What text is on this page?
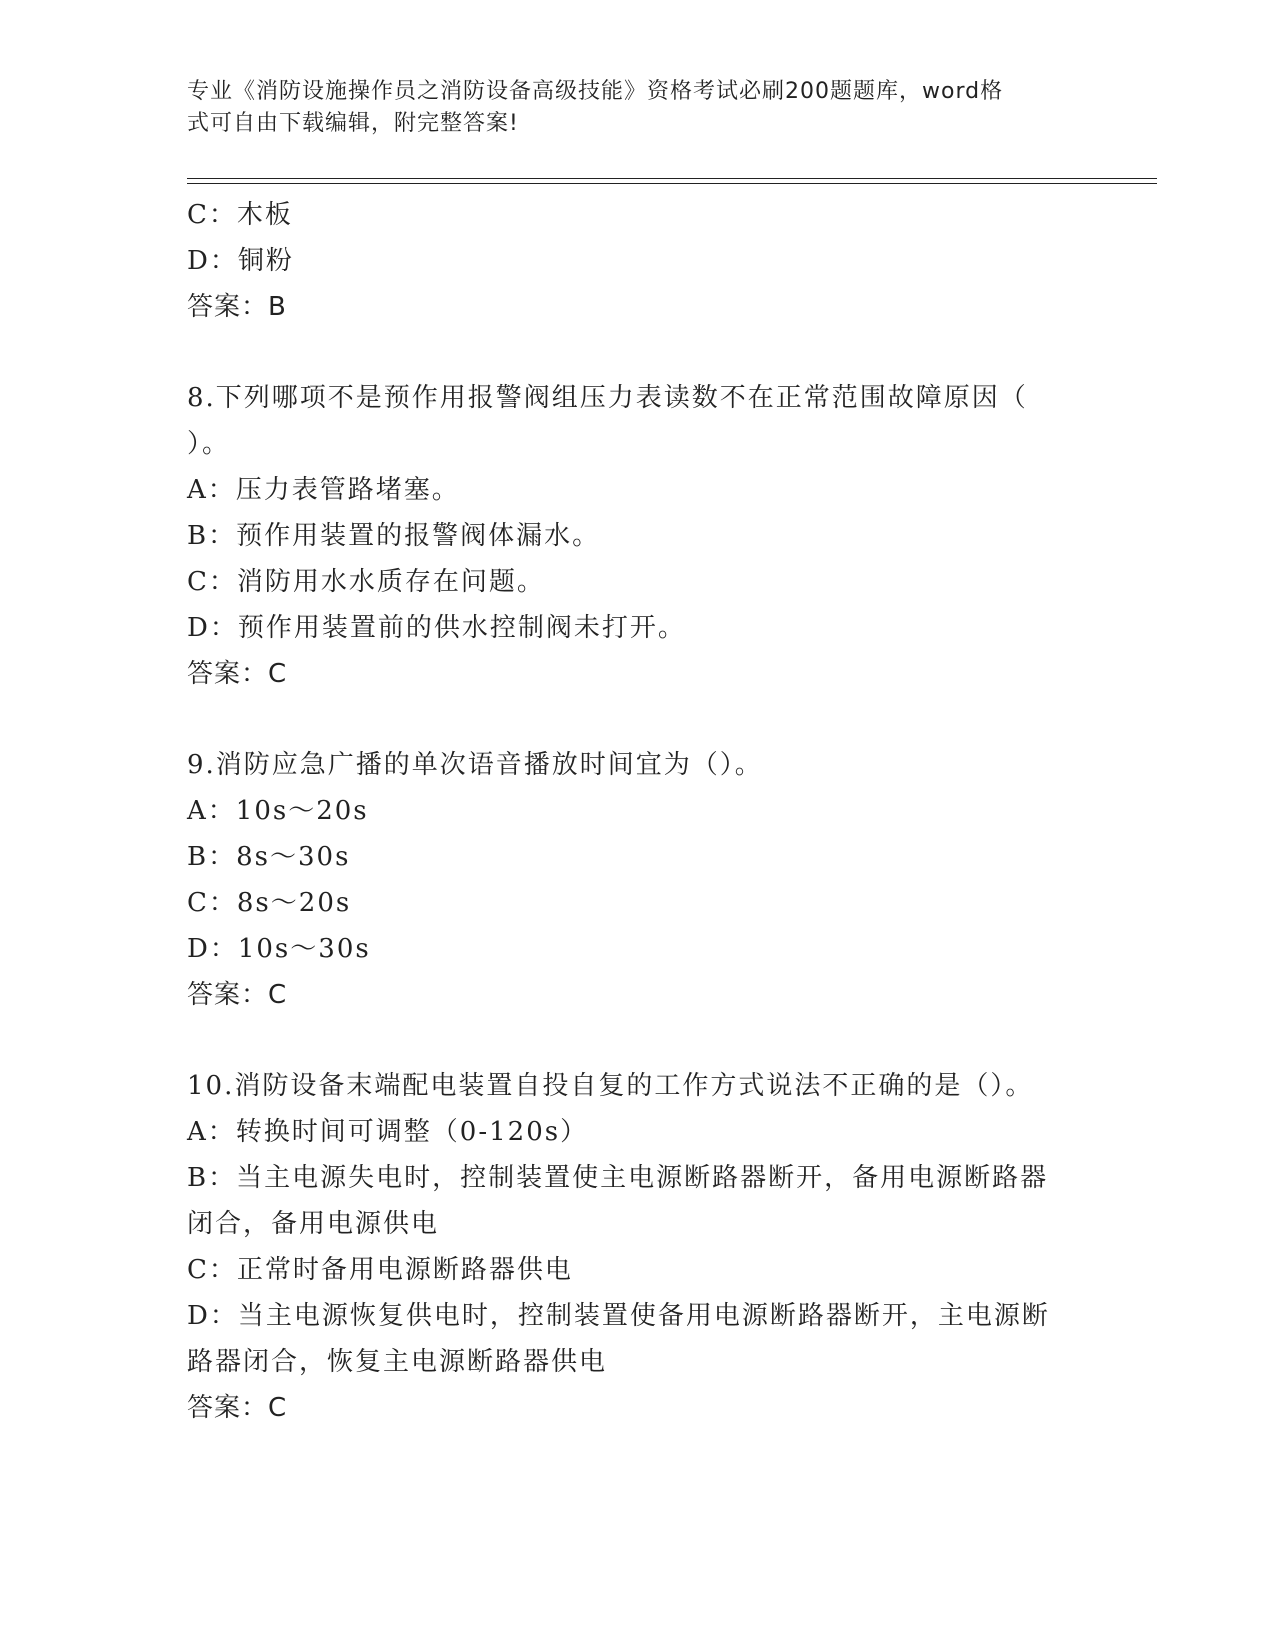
专业《消防设施操作员之消防设备高级技能》资格考试必刷200题题库，word格
式可自由下载编辑，附完整答案!
C：木板
D：铜粉
答案：B
8.下列哪项不是预作用报警阀组压力表读数不在正常范围故障原因（
）。
A：压力表管路堵塞。
B：预作用装置的报警阀体漏水。
C：消防用水水质存在问题。
D：预作用装置前的供水控制阀未打开。
答案：C
9.消防应急广播的单次语音播放时间宜为（）。
A：10s～20s
B：8s～30s
C：8s～20s
D：10s～30s
答案：C
10.消防设备末端配电装置自投自复的工作方式说法不正确的是（）。
A：转换时间可调整（0-120s）
B：当主电源失电时，控制装置使主电源断路器断开，备用电源断路器
闭合，备用电源供电
C：正常时备用电源断路器供电
D：当主电源恢复供电时，控制装置使备用电源断路器断开，主电源断
路器闭合，恢复主电源断路器供电
答案：C
